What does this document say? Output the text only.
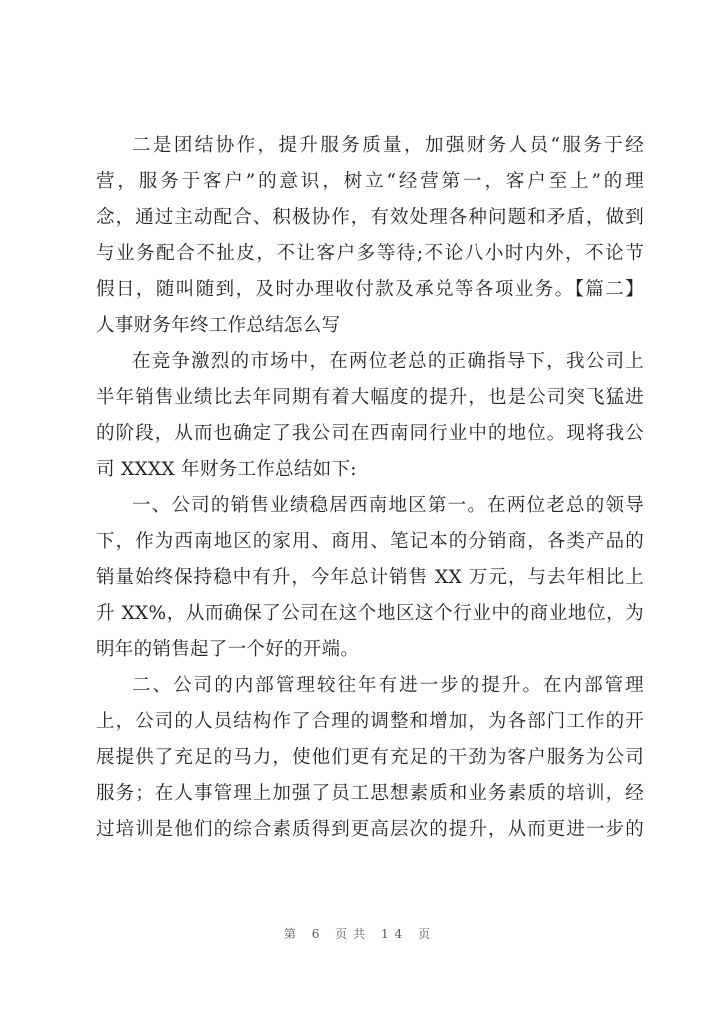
二是团结协作，提升服务质量，加强财务人员“服务于经
营，服务于客户”的意识，树立“经营第一，客户至上”的理
念，通过主动配合、积极协作，有效处理各种问题和矛盾，做到
与业务配合不扯皮，不让客户多等待;不论八小时内外，不论节
假日，随叫随到，及时办理收付款及承兑等各项业务。【篇二】
人事财务年终工作总结怎么写
在竞争激烈的市场中，在两位老总的正确指导下，我公司上
半年销售业绩比去年同期有着大幅度的提升，也是公司突飞猛进
的阶段，从而也确定了我公司在西南同行业中的地位。现将我公
司 XXXX 年财务工作总结如下:
一、公司的销售业绩稳居西南地区第一。在两位老总的领导
下，作为西南地区的家用、商用、笔记本的分销商，各类产品的
销量始终保持稳中有升，今年总计销售 XX 万元，与去年相比上
升 XX%，从而确保了公司在这个地区这个行业中的商业地位，为
明年的销售起了一个好的开端。
二、公司的内部管理较往年有进一步的提升。在内部管理
上，公司的人员结构作了合理的调整和增加，为各部门工作的开
展提供了充足的马力，使他们更有充足的干劲为客户服务为公司
服务；在人事管理上加强了员工思想素质和业务素质的培训，经
过培训是他们的综合素质得到更高层次的提升，从而更进一步的
第 6 页共 14 页
